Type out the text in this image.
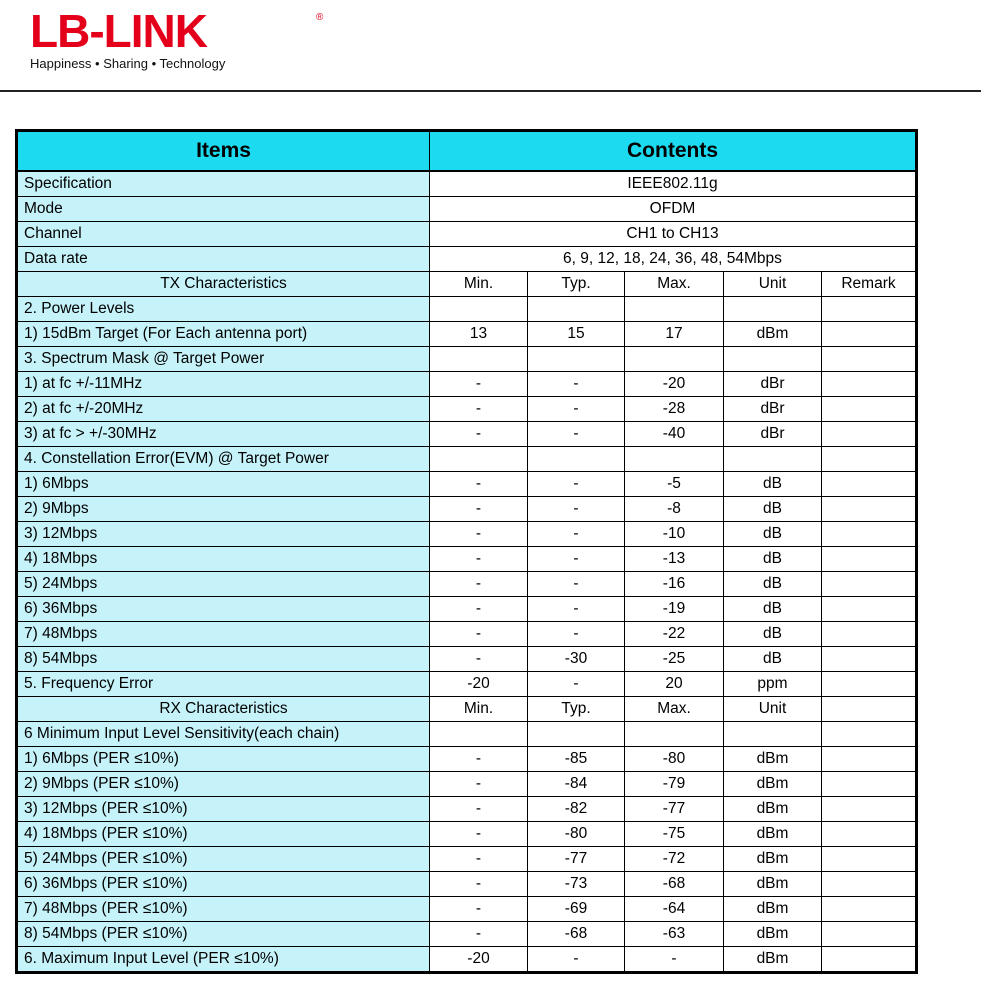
LB-LINK	®
Happiness • Sharing • Technology
Items	Contents				
Specification	IEEE802.11g				
Mode	OFDM				
Channel	CH1 to CH13				
Data rate	6, 9, 12, 18, 24, 36, 48, 54Mbps				
TX Characteristics	Min.	Typ.	Max.	Unit	Remark
2. Power Levels					
1) 15dBm Target (For Each antenna port)	13	15	17	dBm	
3. Spectrum Mask @ Target Power					
1) at fc +/-11MHz	-	-	-20	dBr	
2) at fc +/-20MHz	-	-	-28	dBr	
3) at fc > +/-30MHz	-	-	-40	dBr	
4. Constellation Error(EVM) @ Target Power					
1) 6Mbps	-	-	-5	dB	
2) 9Mbps	-	-	-8	dB	
3) 12Mbps	-	-	-10	dB	
4) 18Mbps	-	-	-13	dB	
5) 24Mbps	-	-	-16	dB	
6) 36Mbps	-	-	-19	dB	
7) 48Mbps	-	-	-22	dB	
8) 54Mbps	-	-30	-25	dB	
5. Frequency Error	-20	-	20	ppm	
RX Characteristics	Min.	Typ.	Max.	Unit	
6 Minimum Input Level Sensitivity(each chain)					
1) 6Mbps (PER ≤10%)	-	-85	-80	dBm	
2) 9Mbps (PER ≤10%)	-	-84	-79	dBm	
3) 12Mbps (PER ≤10%)	-	-82	-77	dBm	
4) 18Mbps (PER ≤10%)	-	-80	-75	dBm	
5) 24Mbps (PER ≤10%)	-	-77	-72	dBm	
6) 36Mbps (PER ≤10%)	-	-73	-68	dBm	
7) 48Mbps (PER ≤10%)	-	-69	-64	dBm	
8) 54Mbps (PER ≤10%)	-	-68	-63	dBm	
6. Maximum Input Level (PER ≤10%)	-20	-	-	dBm	
